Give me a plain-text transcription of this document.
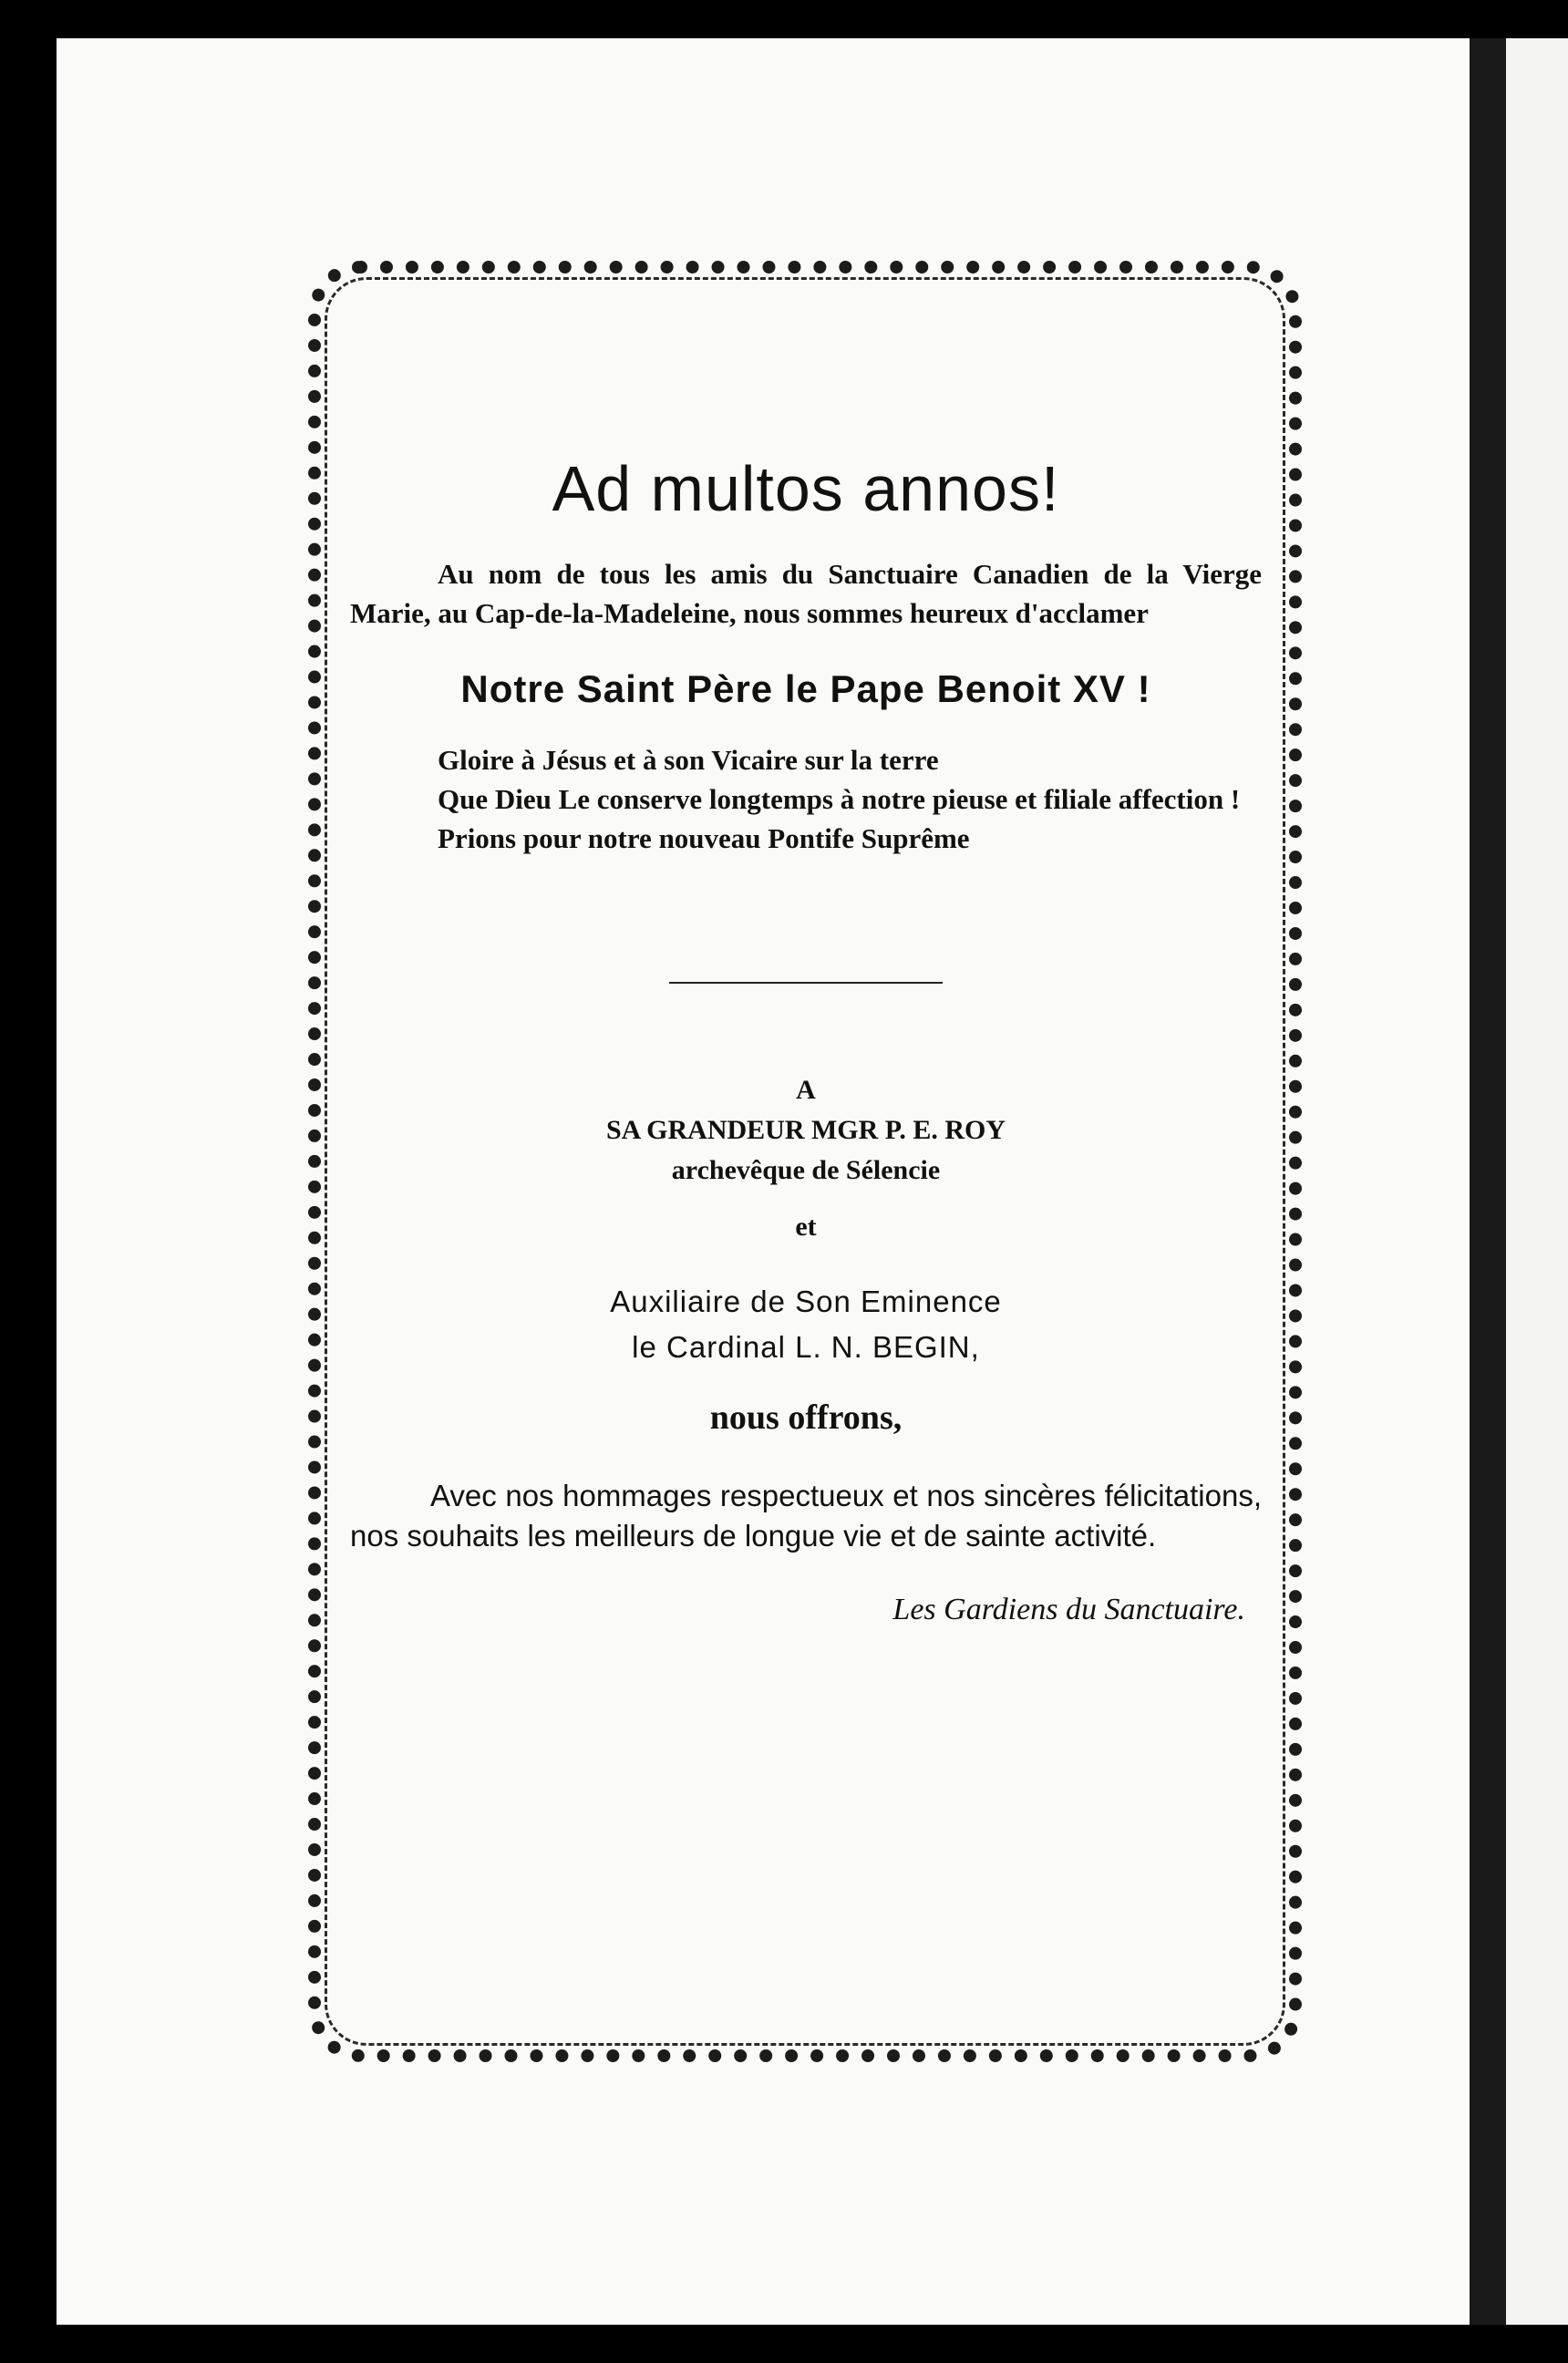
Ad multos annos!
Au nom de tous les amis du Sanctuaire Canadien de la Vierge Marie, au Cap-de-la-Madeleine, nous sommes heureux d'acclamer
Notre Saint Père le Pape Benoit XV !
Gloire à Jésus et à son Vicaire sur la terre
Que Dieu Le conserve longtemps à notre pieuse et filiale affection !
Prions pour notre nouveau Pontife Suprême
A
SA GRANDEUR MGR P. E. ROY
archevêque de Sélencie
et
Auxiliaire de Son Eminence
le Cardinal L. N. BEGIN,
nous offrons,
Avec nos hommages respectueux et nos sincères félicitations, nos souhaits les meilleurs de longue vie et de sainte activité.
Les Gardiens du Sanctuaire.
